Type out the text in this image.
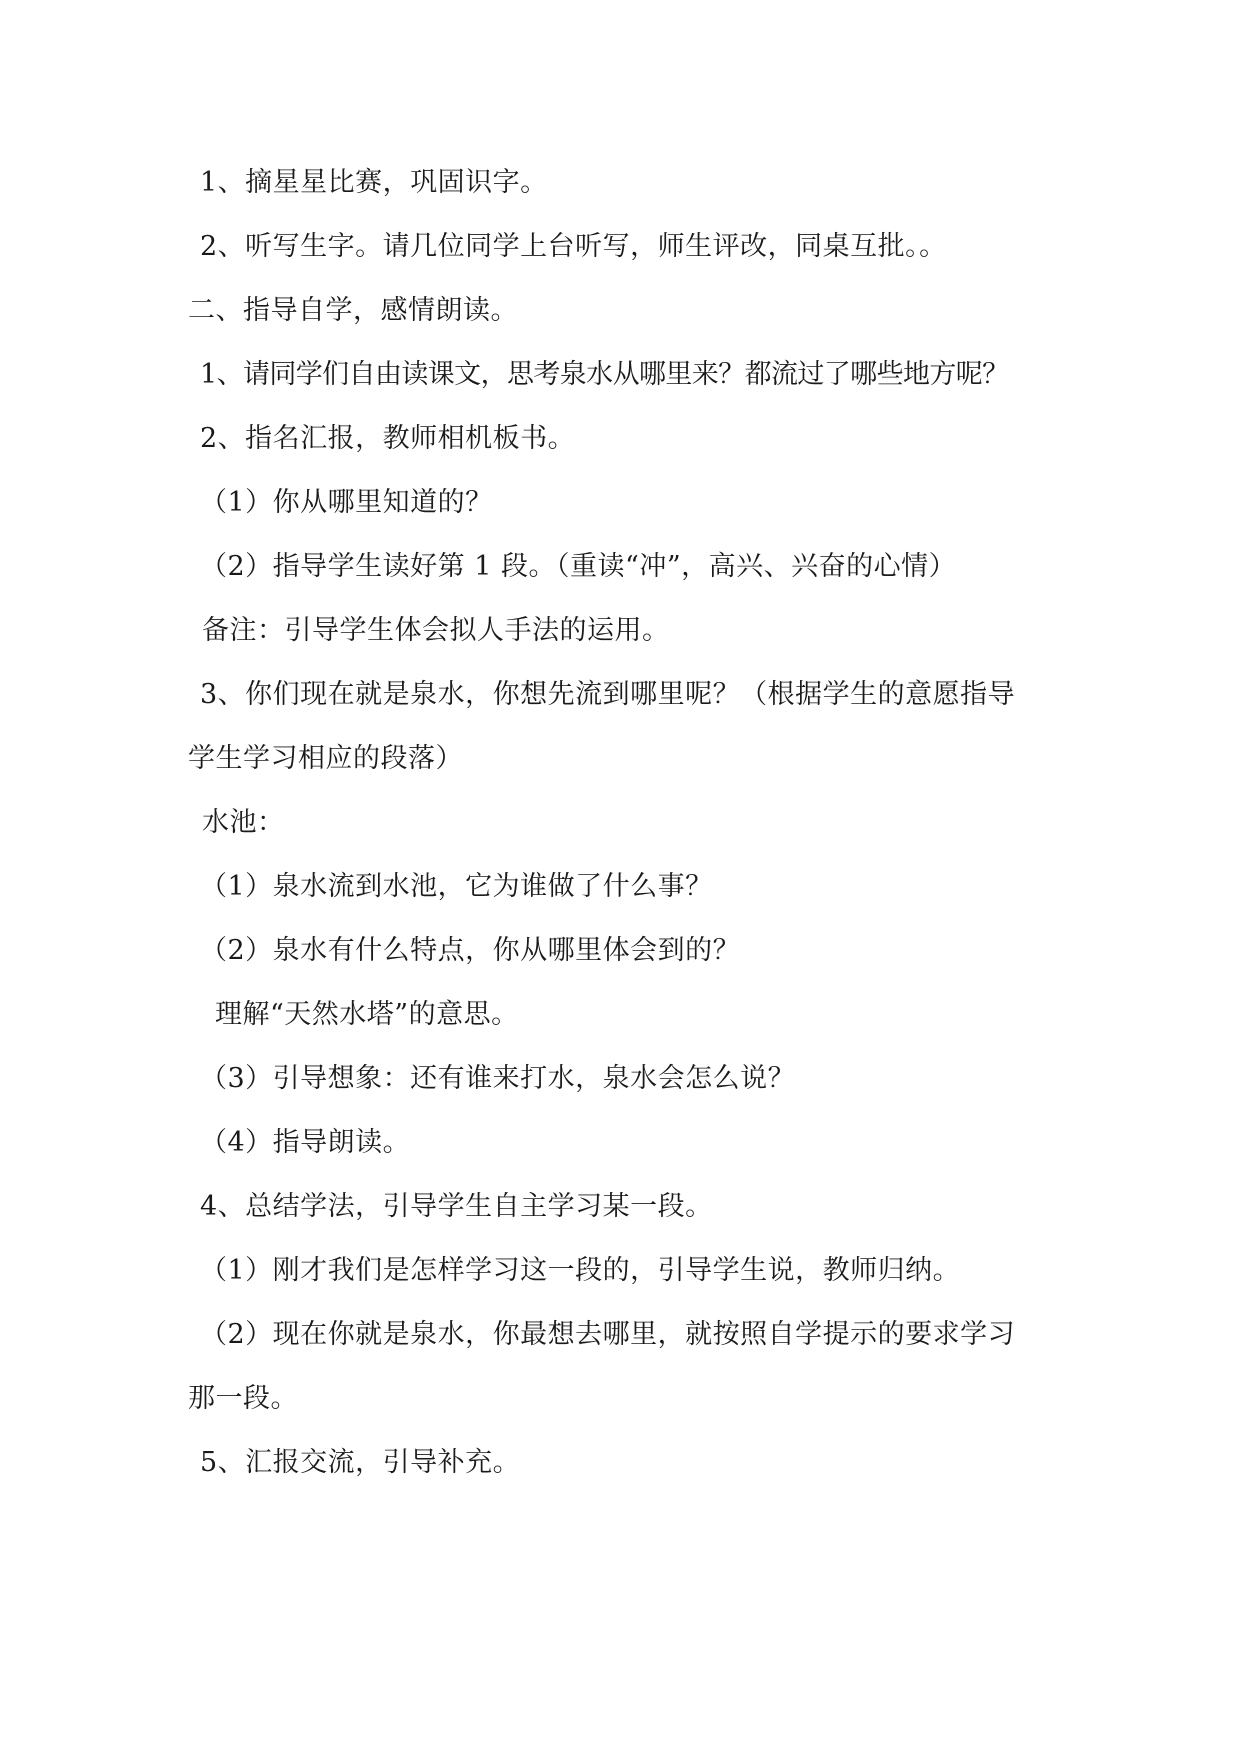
1、摘星星比赛，巩固识字。
2、听写生字。请几位同学上台听写，师生评改，同桌互批。。
二、指导自学，感情朗读。
1、请同学们自由读课文，思考泉水从哪里来？都流过了哪些地方呢？
2、指名汇报，教师相机板书。
（1）你从哪里知道的？
（2）指导学生读好第 1 段。（重读“冲”，高兴、兴奋的心情）
备注：引导学生体会拟人手法的运用。
3、你们现在就是泉水，你想先流到哪里呢？（根据学生的意愿指导
学生学习相应的段落）
水池：
（1）泉水流到水池，它为谁做了什么事？
（2）泉水有什么特点，你从哪里体会到的？
理解“天然水塔”的意思。
（3）引导想象：还有谁来打水，泉水会怎么说？
（4）指导朗读。
4、总结学法，引导学生自主学习某一段。
（1）刚才我们是怎样学习这一段的，引导学生说，教师归纳。
（2）现在你就是泉水，你最想去哪里，就按照自学提示的要求学习
那一段。
5、汇报交流，引导补充。
